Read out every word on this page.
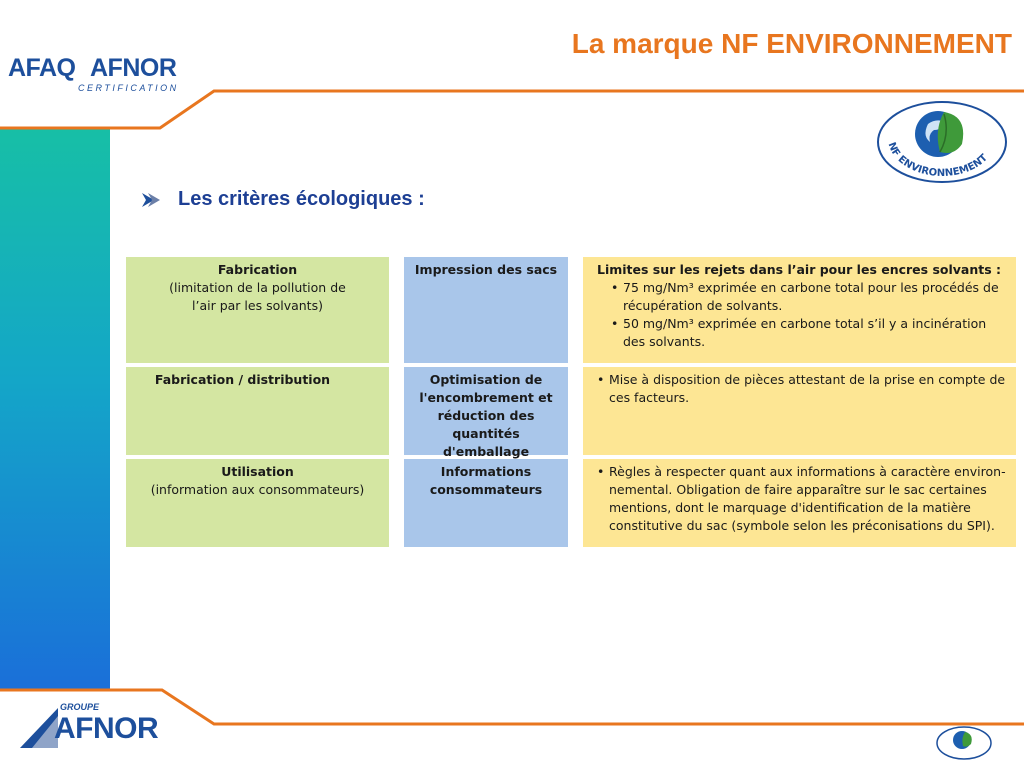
AFAQ AFNOR
CERTIFICATION
La marque NF ENVIRONNEMENT
NF ENVIRONNEMENT
Les critères écologiques :
Fabrication
(limitation de la pollution de l’air par les solvants)
Impression des sacs	Limites sur les rejets dans l’air pour les encres solvants :
• 75 mg/Nm³ exprimée en carbone total pour les procédés de récupération de solvants.
• 50 mg/Nm³ exprimée en carbone total s’il y a incinération des solvants.
Fabrication / distribution	Optimisation de l'encombrement et réduction des quantités d'emballage
• Mise à disposition de pièces attestant de la prise en compte de ces facteurs.
Utilisation
(information aux consommateurs)
Informations consommateurs
• Règles à respecter quant aux informations à caractère environ-nemental. Obligation de faire apparaître sur le sac certaines mentions, dont le marquage d'identification de la matière constitutive du sac (symbole selon les préconisations du SPI).
GROUPE
AFNOR
